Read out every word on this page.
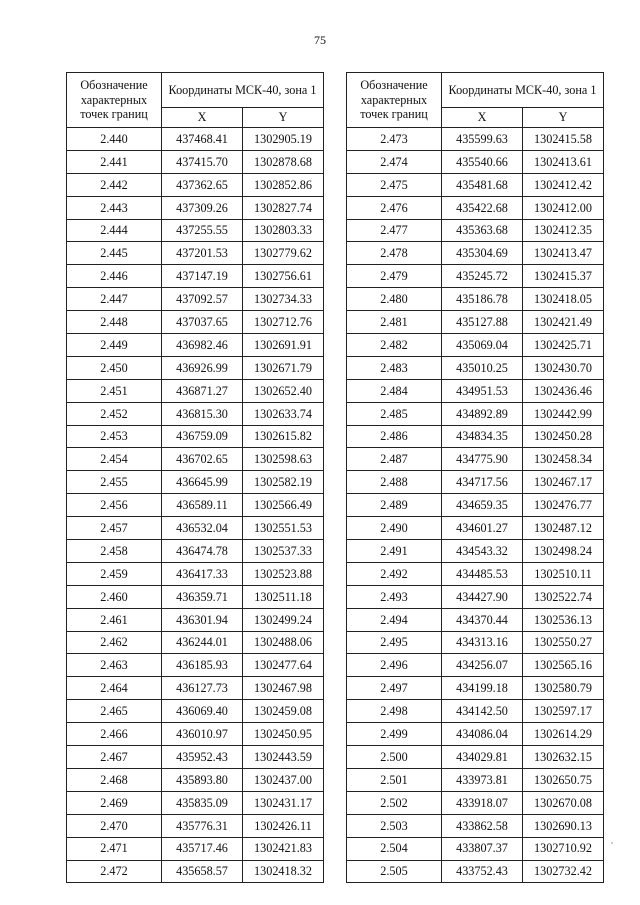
75
Обозначение характерных точек границ	Координаты МСК-40, зона 1	
	X	Y
2.440	437468.41	1302905.19
2.441	437415.70	1302878.68
2.442	437362.65	1302852.86
2.443	437309.26	1302827.74
2.444	437255.55	1302803.33
2.445	437201.53	1302779.62
2.446	437147.19	1302756.61
2.447	437092.57	1302734.33
2.448	437037.65	1302712.76
2.449	436982.46	1302691.91
2.450	436926.99	1302671.79
2.451	436871.27	1302652.40
2.452	436815.30	1302633.74
2.453	436759.09	1302615.82
2.454	436702.65	1302598.63
2.455	436645.99	1302582.19
2.456	436589.11	1302566.49
2.457	436532.04	1302551.53
2.458	436474.78	1302537.33
2.459	436417.33	1302523.88
2.460	436359.71	1302511.18
2.461	436301.94	1302499.24
2.462	436244.01	1302488.06
2.463	436185.93	1302477.64
2.464	436127.73	1302467.98
2.465	436069.40	1302459.08
2.466	436010.97	1302450.95
2.467	435952.43	1302443.59
2.468	435893.80	1302437.00
2.469	435835.09	1302431.17
2.470	435776.31	1302426.11
2.471	435717.46	1302421.83
2.472	435658.57	1302418.32
Обозначение характерных точек границ	Координаты МСК-40, зона 1	
	X	Y
2.473	435599.63	1302415.58
2.474	435540.66	1302413.61
2.475	435481.68	1302412.42
2.476	435422.68	1302412.00
2.477	435363.68	1302412.35
2.478	435304.69	1302413.47
2.479	435245.72	1302415.37
2.480	435186.78	1302418.05
2.481	435127.88	1302421.49
2.482	435069.04	1302425.71
2.483	435010.25	1302430.70
2.484	434951.53	1302436.46
2.485	434892.89	1302442.99
2.486	434834.35	1302450.28
2.487	434775.90	1302458.34
2.488	434717.56	1302467.17
2.489	434659.35	1302476.77
2.490	434601.27	1302487.12
2.491	434543.32	1302498.24
2.492	434485.53	1302510.11
2.493	434427.90	1302522.74
2.494	434370.44	1302536.13
2.495	434313.16	1302550.27
2.496	434256.07	1302565.16
2.497	434199.18	1302580.79
2.498	434142.50	1302597.17
2.499	434086.04	1302614.29
2.500	434029.81	1302632.15
2.501	433973.81	1302650.75
2.502	433918.07	1302670.08
2.503	433862.58	1302690.13
2.504	433807.37	1302710.92
2.505	433752.43	1302732.42
